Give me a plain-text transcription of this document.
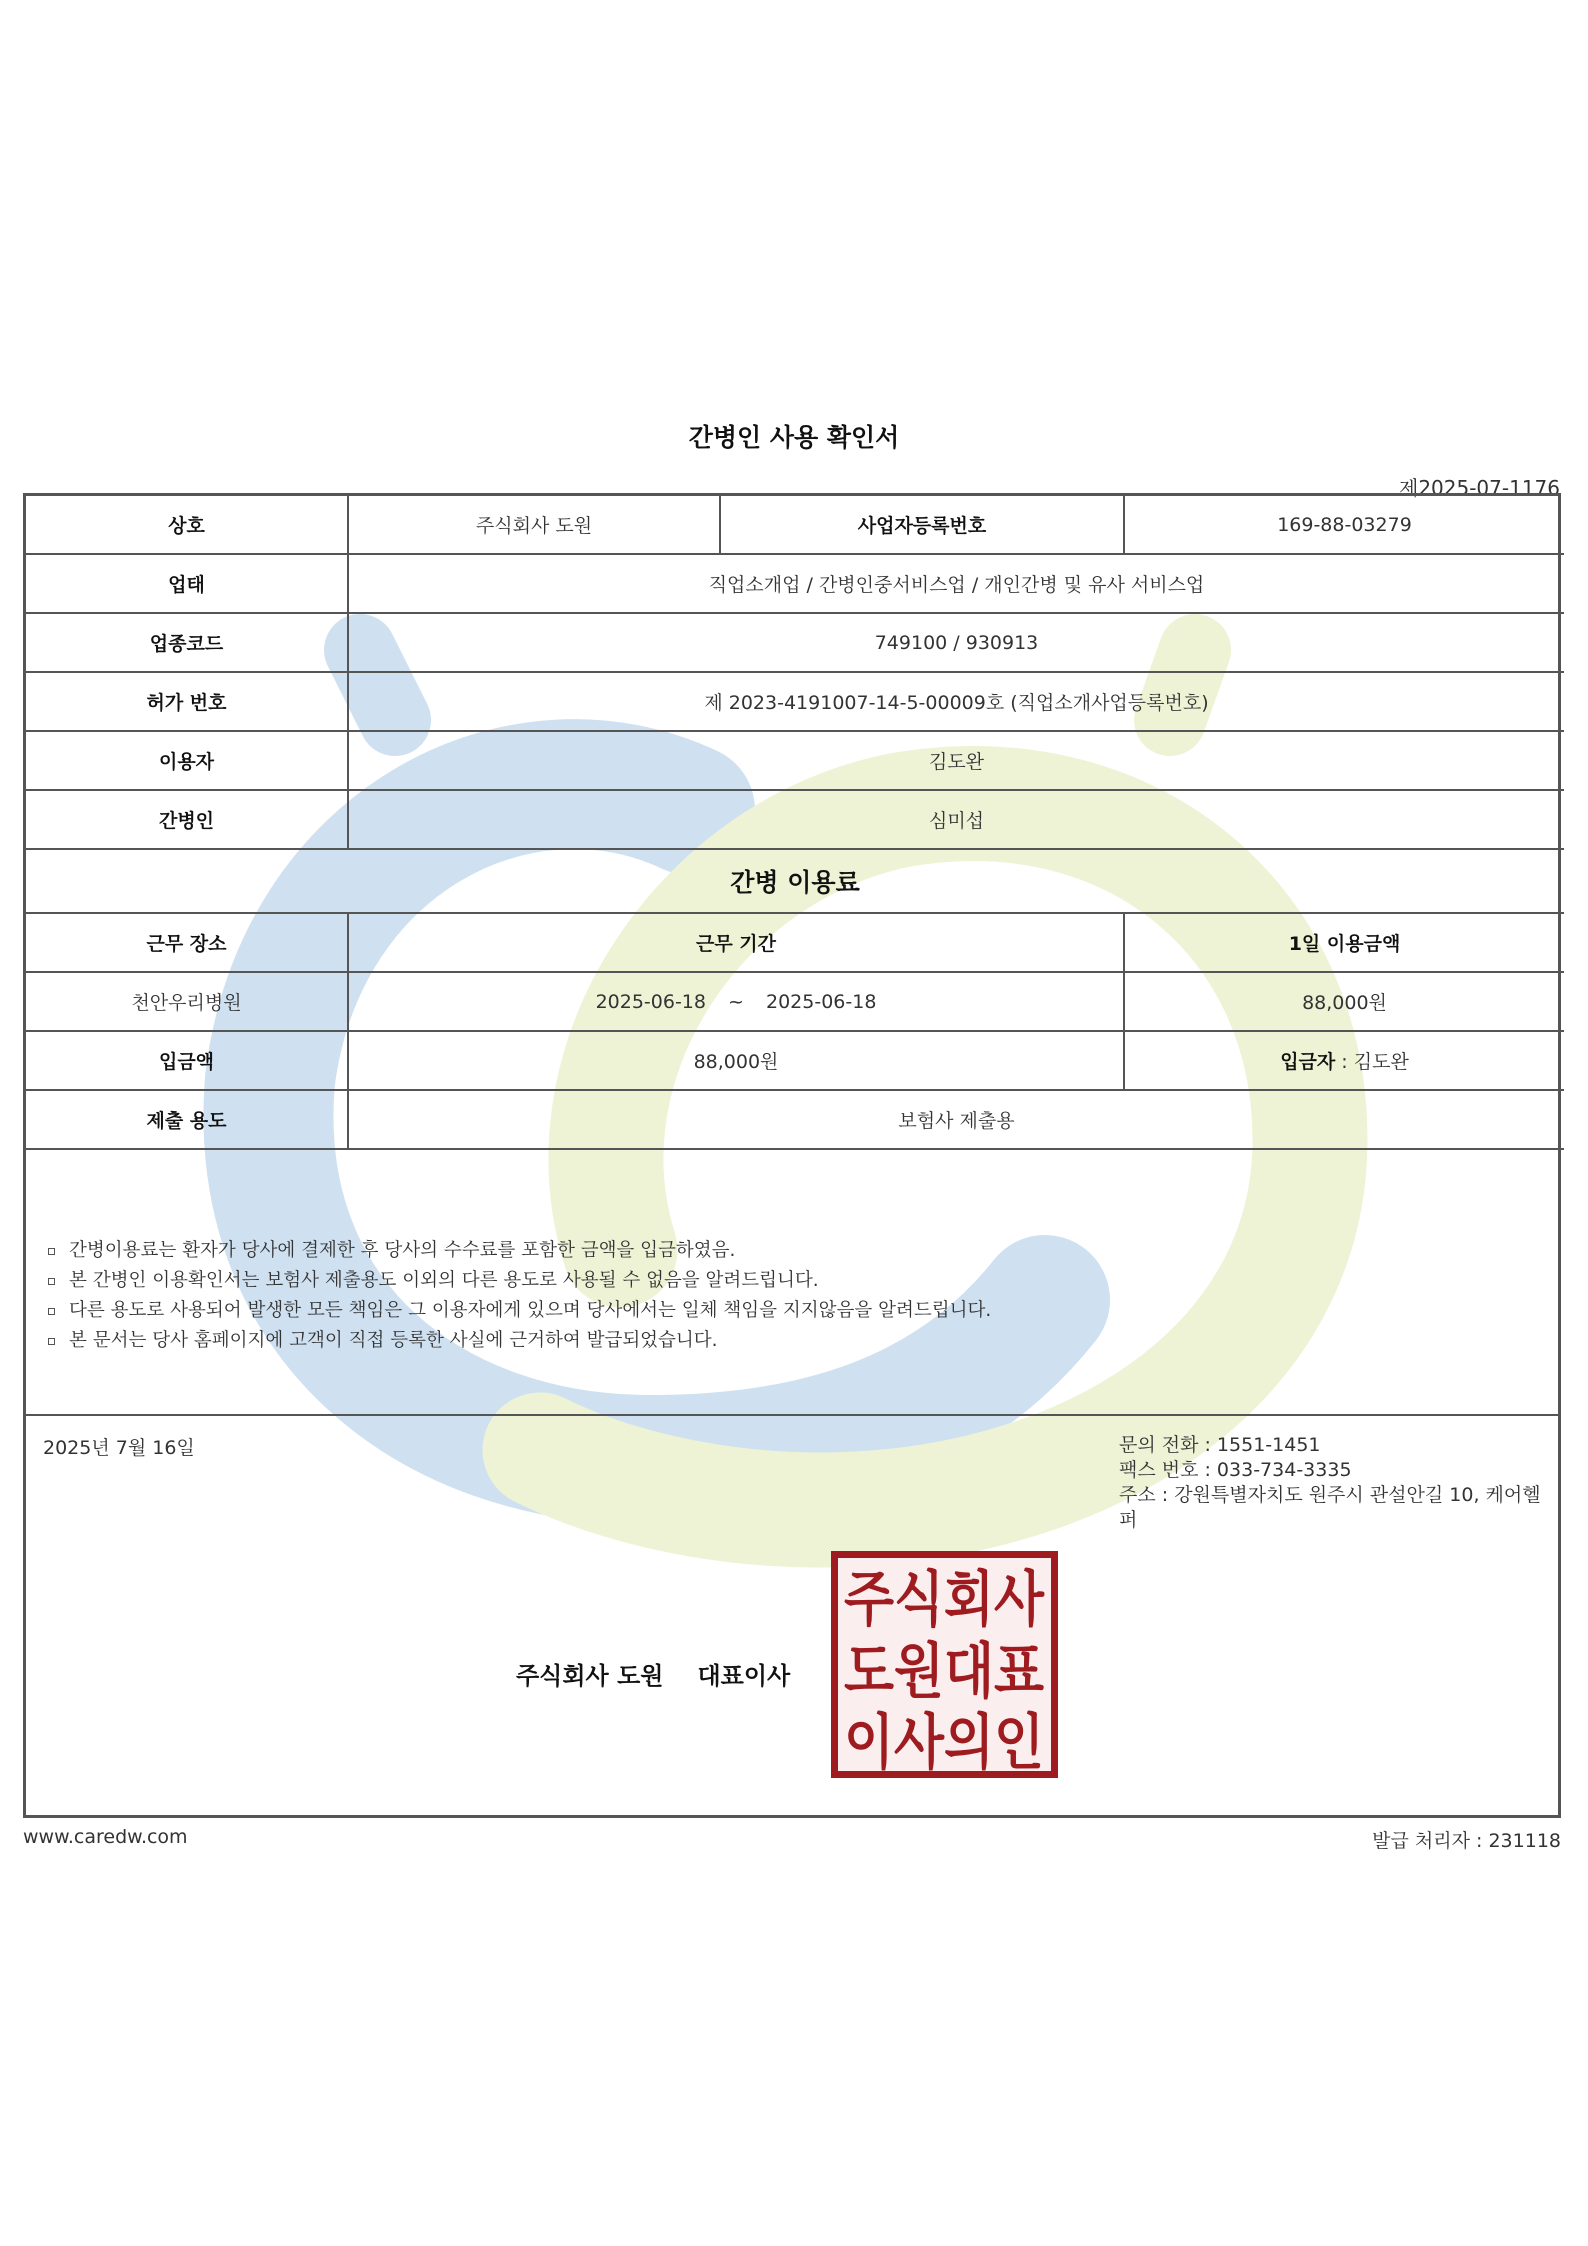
간병인 사용 확인서
제2025-07-1176
상호	주식회사 도원	사업자등록번호	169-88-03279
업태	직업소개업 / 간병인중서비스업 / 개인간병 및 유사 서비스업		
업종코드	749100 / 930913		
허가 번호	제 2023-4191007-14-5-00009호 (직업소개사업등록번호)		
이용자	김도완		
간병인	심미섭		
간병 이용료			
근무 장소	근무 기간		1일 이용금액
천안우리병원	2025-06-18 ~ 2025-06-18		88,000원
입금액	88,000원		입금자 : 김도완
제출 용도	보험사 제출용		
간병이용료는 환자가 당사에 결제한 후 당사의 수수료를 포함한 금액을 입금하였음.
본 간병인 이용확인서는 보험사 제출용도 이외의 다른 용도로 사용될 수 없음을 알려드립니다.
다른 용도로 사용되어 발생한 모든 책임은 그 이용자에게 있으며 당사에서는 일체 책임을 지지않음을 알려드립니다.
본 문서는 당사 홈페이지에 고객이 직접 등록한 사실에 근거하여 발급되었습니다.
2025년 7월 16일	문의 전화 : 1551-1451
팩스 번호 : 033-734-3335
주소 : 강원특별자치도 원주시 관설안길 10, 케어헬퍼
주식회사 도원 대표이사
주식회사
도원대표
이사의인
www.caredw.com	발급 처리자 : 231118
